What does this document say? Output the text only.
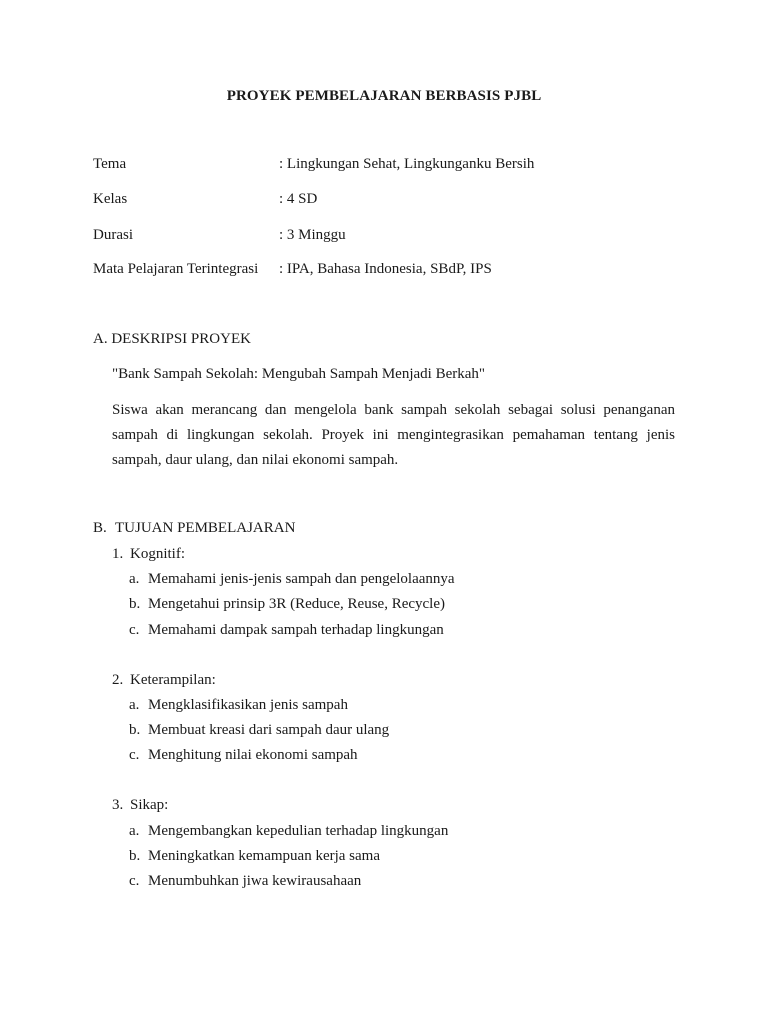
PROYEK PEMBELAJARAN BERBASIS PJBL
Tema	: Lingkungan Sehat, Lingkunganku Bersih
Kelas	: 4 SD
Durasi	: 3 Minggu
Mata Pelajaran Terintegrasi : IPA, Bahasa Indonesia, SBdP, IPS
A. DESKRIPSI PROYEK
"Bank Sampah Sekolah: Mengubah Sampah Menjadi Berkah"
Siswa akan merancang dan mengelola bank sampah sekolah sebagai solusi penanganan sampah di lingkungan sekolah. Proyek ini mengintegrasikan pemahaman tentang jenis sampah, daur ulang, dan nilai ekonomi sampah.
B. TUJUAN PEMBELAJARAN
1. Kognitif:
a. Memahami jenis-jenis sampah dan pengelolaannya
b. Mengetahui prinsip 3R (Reduce, Reuse, Recycle)
c. Memahami dampak sampah terhadap lingkungan
2. Keterampilan:
a. Mengklasifikasikan jenis sampah
b. Membuat kreasi dari sampah daur ulang
c. Menghitung nilai ekonomi sampah
3. Sikap:
a. Mengembangkan kepedulian terhadap lingkungan
b. Meningkatkan kemampuan kerja sama
c. Menumbuhkan jiwa kewirausahaan
